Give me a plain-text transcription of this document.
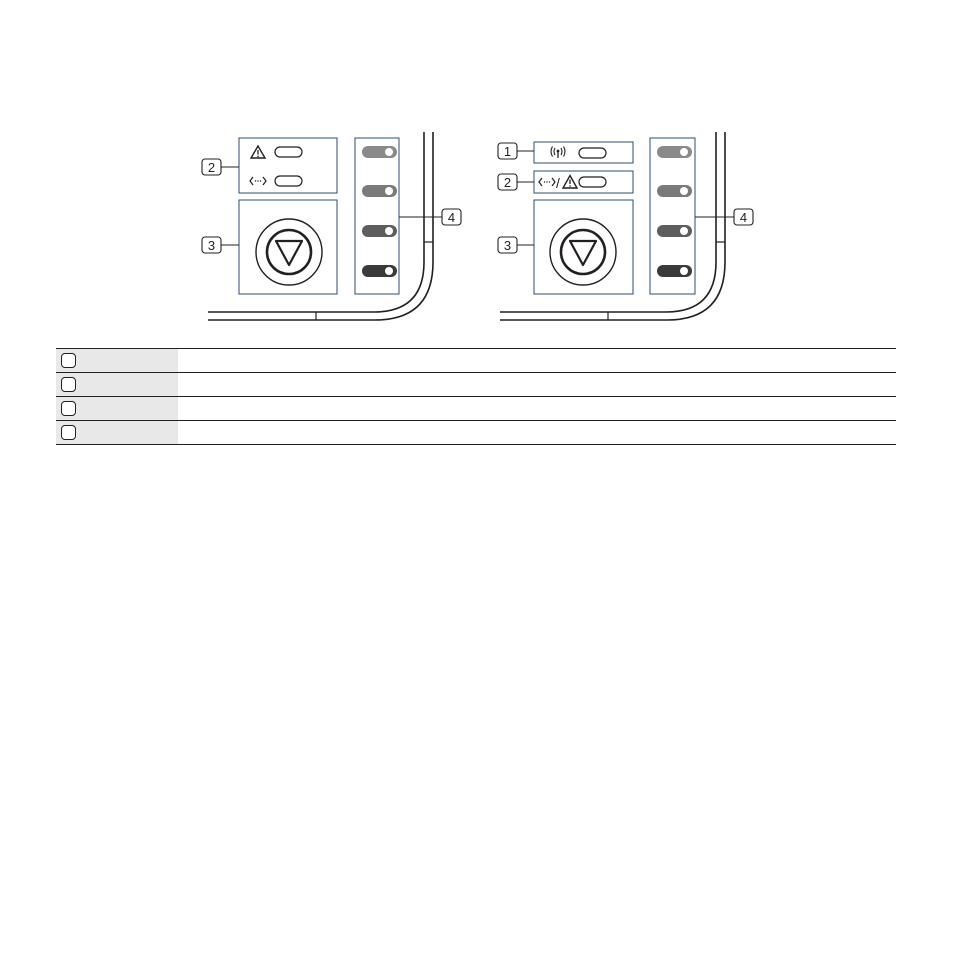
2
3
4
/
1
2
3
4
